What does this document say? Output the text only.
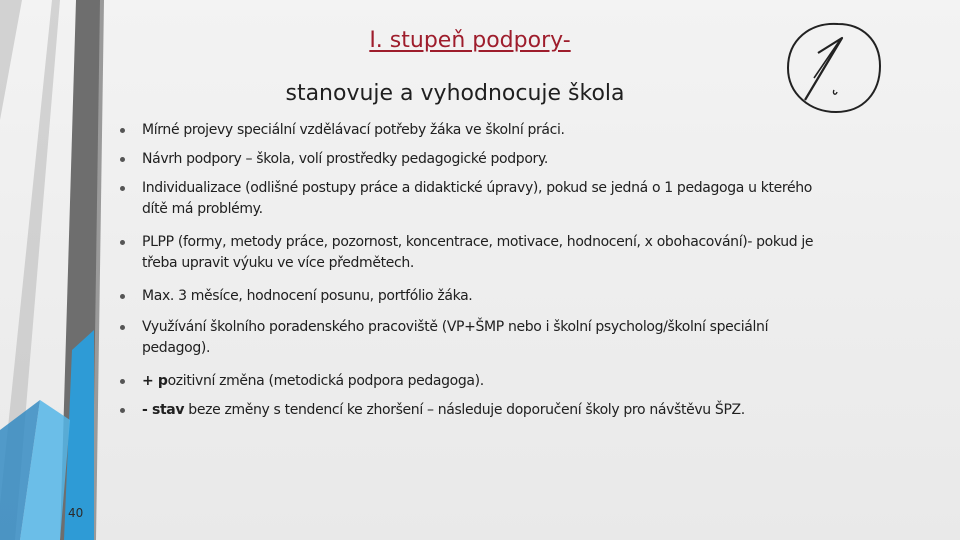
I. stupeň podpory-
stanovuje a vyhodnocuje škola
Mírné projevy speciální vzdělávací potřeby žáka ve školní práci.
Návrh podpory – škola, volí prostředky pedagogické podpory.
Individualizace (odlišné postupy práce a didaktické úpravy), pokud se jedná o 1 pedagoga u kterého dítě má problémy.
PLPP (formy, metody práce, pozornost, koncentrace, motivace, hodnocení, x obohacování)- pokud je třeba upravit výuku ve více předmětech.
Max. 3 měsíce, hodnocení posunu, portfólio žáka.
Využívání školního poradenského pracoviště (VP+ŠMP nebo i školní psycholog/školní speciální pedagog).
+ pozitivní změna (metodická podpora pedagoga).
- stav beze změny s tendencí ke zhoršení – následuje doporučení školy pro návštěvu ŠPZ.
40
